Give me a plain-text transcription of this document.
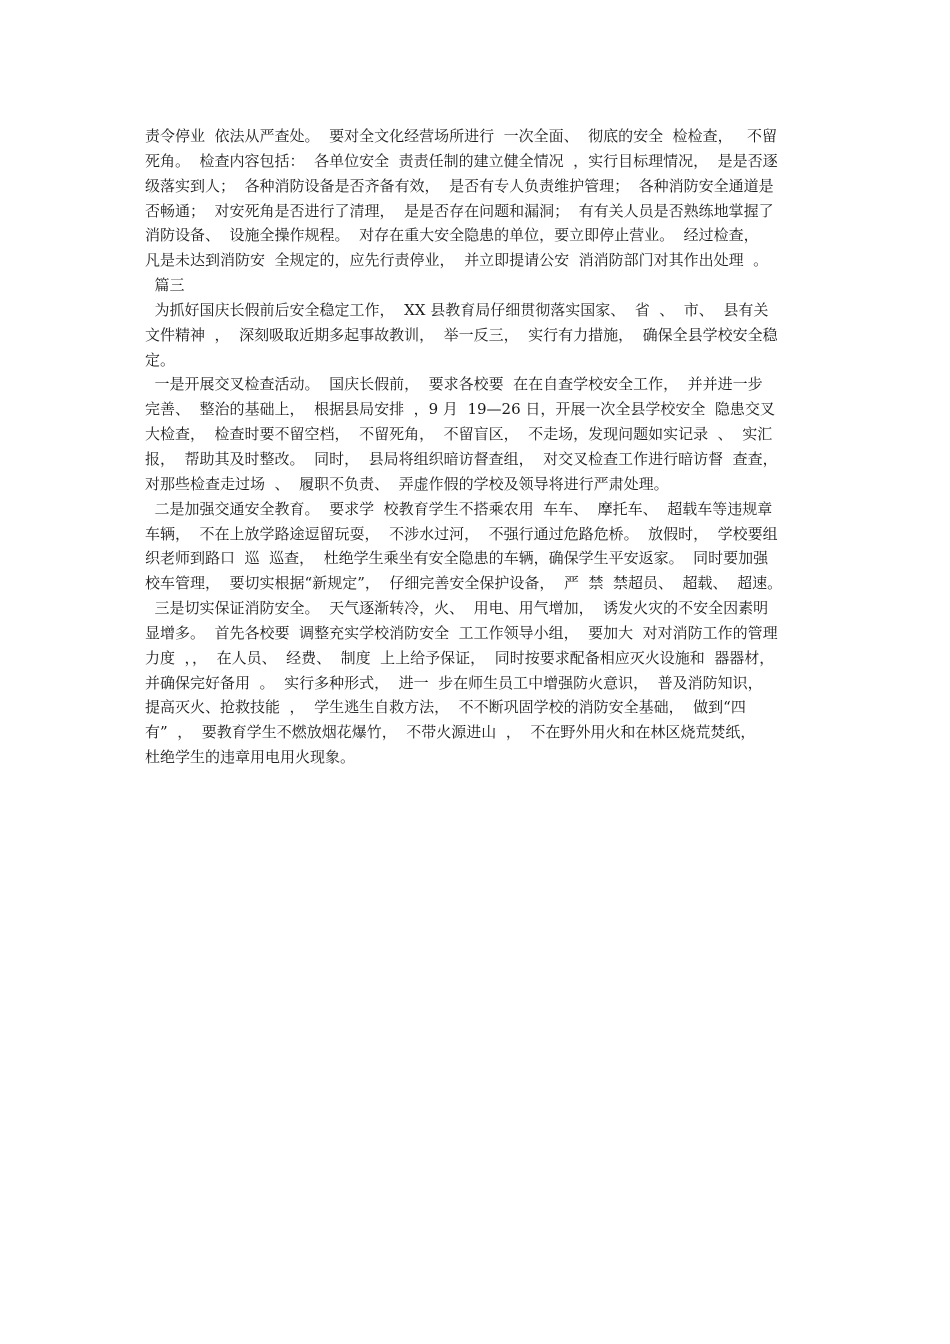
责令停业  依法从严查处。  要对全文化经营场所进行  一次全面、  彻底的安全  检检查，   不留
死角。  检查内容包括：  各单位安全  责责任制的建立健全情况  ，实行目标理情况，  是是否逐
级落实到人；  各种消防设备是否齐备有效，  是否有专人负责维护管理；  各种消防安全通道是
否畅通；  对安死角是否进行了清理，  是是否存在问题和漏洞；  有有关人员是否熟练地掌握了
消防设备、  设施全操作规程。  对存在重大安全隐患的单位，要立即停止营业。  经过检查，
凡是未达到消防安  全规定的，应先行责停业，  并立即提请公安  消消防部门对其作出处理  。
篇三
为抓好国庆长假前后安全稳定工作，  XX 县教育局仔细贯彻落实国家、  省  、  市、  县有关
文件精神  ，  深刻吸取近期多起事故教训，  举一反三，  实行有力措施，  确保全县学校安全稳
定。
一是开展交叉检查活动。  国庆长假前，  要求各校要  在在自查学校安全工作，  并并进一步
完善、  整治的基础上，  根据县局安排  ，9 月  19—26 日，开展一次全县学校安全  隐患交叉
大检查，  检查时要不留空档，  不留死角，  不留盲区，  不走场，发现问题如实记录  、  实汇
报，  帮助其及时整改。  同时，  县局将组织暗访督查组，  对交叉检查工作进行暗访督  查查，
对那些检查走过场  、  履职不负责、  弄虚作假的学校及领导将进行严肃处理。
二是加强交通安全教育。  要求学  校教育学生不搭乘农用  车车、  摩托车、  超载车等违规章
车辆，  不在上放学路途逗留玩耍，  不涉水过河，  不强行通过危路危桥。  放假时，  学校要组
织老师到路口  巡  巡查，  杜绝学生乘坐有安全隐患的车辆，确保学生平安返家。  同时要加强
校车管理，  要切实根据“新规定”，  仔细完善安全保护设备，  严  禁  禁超员、  超载、  超速。
三是切实保证消防安全。  天气逐渐转冷，火、  用电、用气增加，  诱发火灾的不安全因素明
显增多。  首先各校要  调整充实学校消防安全  工工作领导小组，  要加大  对对消防工作的管理
力度  ，，  在人员、  经费、  制度  上上给予保证，  同时按要求配备相应灭火设施和  器器材，
并确保完好备用  。  实行多种形式，  进一  步在师生员工中增强防火意识，  普及消防知识，
提高灭火、抢救技能  ，  学生逃生自救方法，  不不断巩固学校的消防安全基础，  做到“四
有”  ，  要教育学生不燃放烟花爆竹，  不带火源进山  ，  不在野外用火和在林区烧荒焚纸，
杜绝学生的违章用电用火现象。
